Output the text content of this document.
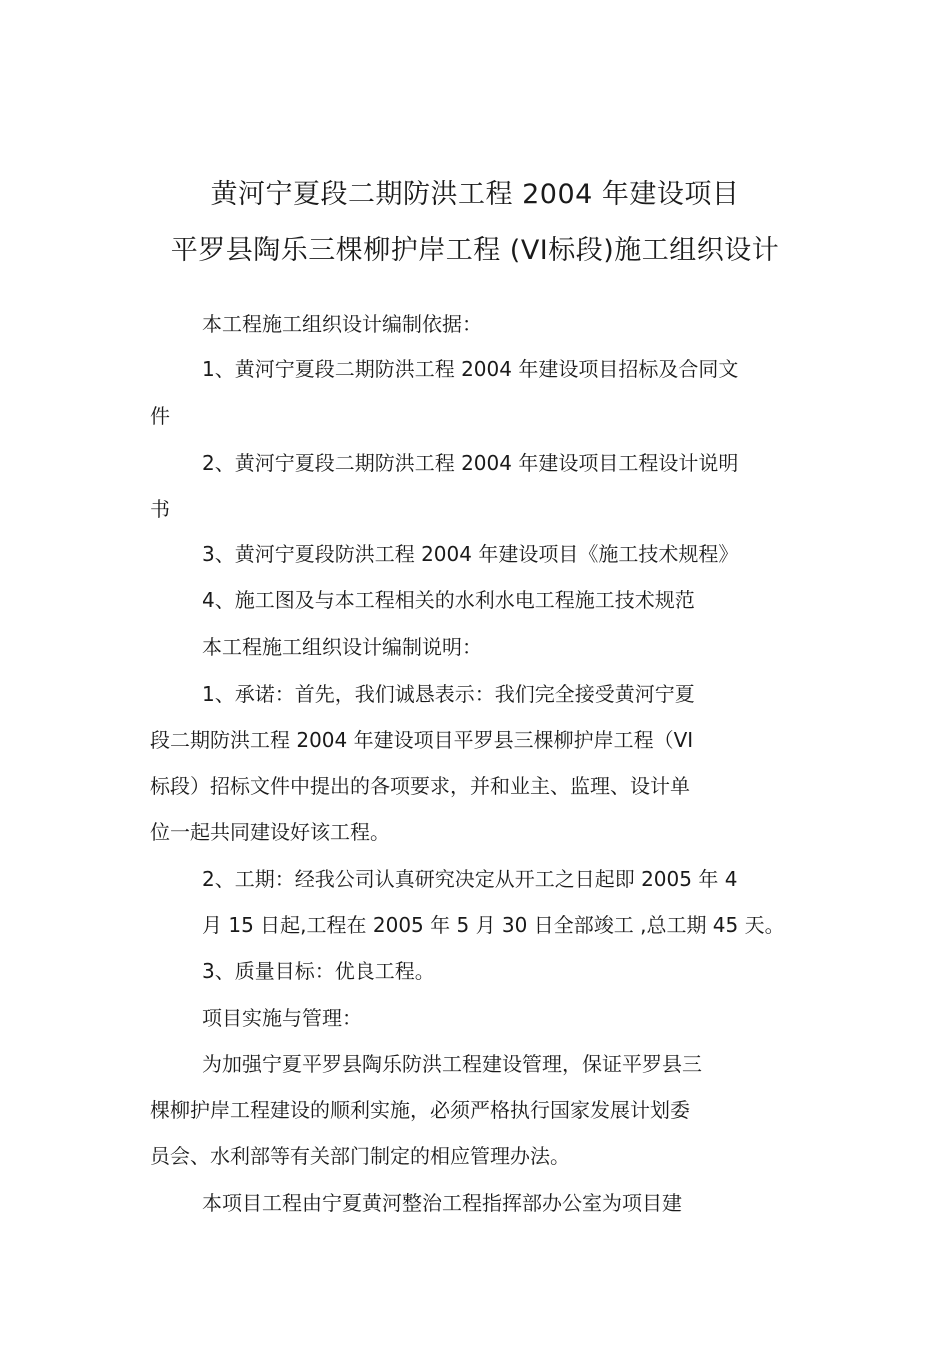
黄河宁夏段二期防洪工程 2004 年建设项目
平罗县陶乐三棵柳护岸工程 (VI标段)施工组织设计
本工程施工组织设计编制依据：
1、黄河宁夏段二期防洪工程 2004 年建设项目招标及合同文
件
2、黄河宁夏段二期防洪工程 2004 年建设项目工程设计说明
书
3、黄河宁夏段防洪工程 2004 年建设项目《施工技术规程》
4、施工图及与本工程相关的水利水电工程施工技术规范
本工程施工组织设计编制说明：
1、承诺：首先，我们诚恳表示：我们完全接受黄河宁夏
段二期防洪工程 2004 年建设项目平罗县三棵柳护岸工程（VI
标段）招标文件中提出的各项要求，并和业主、监理、设计单
位一起共同建设好该工程。
2、工期：经我公司认真研究决定从开工之日起即 2005 年 4
月 15 日起,工程在 2005 年 5 月 30 日全部竣工 ,总工期 45 天。
3、质量目标：优良工程。
项目实施与管理：
为加强宁夏平罗县陶乐防洪工程建设管理，保证平罗县三
棵柳护岸工程建设的顺利实施，必须严格执行国家发展计划委
员会、水利部等有关部门制定的相应管理办法。
本项目工程由宁夏黄河整治工程指挥部办公室为项目建
